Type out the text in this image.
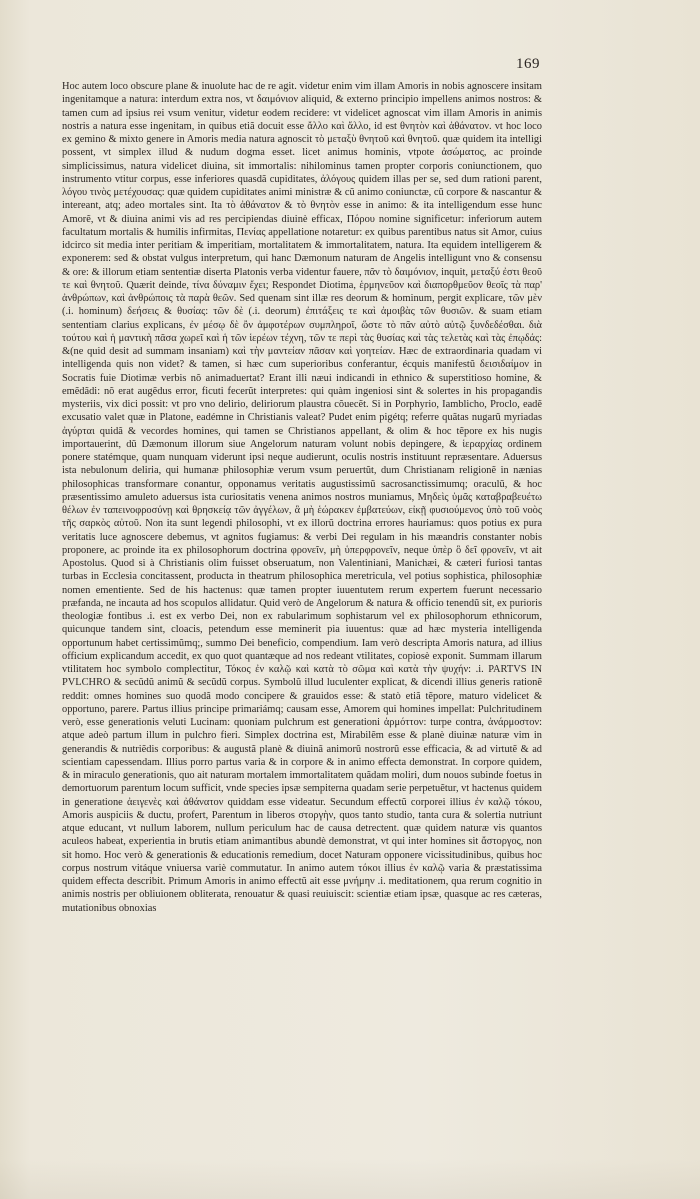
169

Hoc autem loco obscure plane & inuolute hac de re agit. videtur enim vim illam Amoris in nobis agnoscere insitam ingenitamque a natura: interdum extra nos, vt δαιμόνιον aliquid, & externo principio impellens animos nostros: & tamen cum ad ipsius rei vsum venitur, videtur eodem recidere: vt videlicet agnoscat vim illam Amoris in animis nostris a natura esse ingenitam, in quibus etiã docuit esse ἄλλο καὶ ἄλλο, id est θνητὸν καὶ ἀθάνατον. vt hoc loco ex gemino & mixto genere in Amoris media natura agnoscit τὸ μεταξὺ θνητοῦ καὶ θνητοῦ. quæ quidem ita intelligi possent, vt simplex illud & nudum dogma esset. licet animus hominis, vtpote ἀσώματος, ac proinde simplicissimus, natura videlicet diuina, sit immortalis: nihilominus tamen propter corporis coniunctionem, quo instrumento vtitur corpus, esse inferiores quasdã cupiditates, ἀλόγους quidem illas per se, sed dum rationi parent, λόγου τινὸς μετέχουσας: quæ quidem cupiditates animi ministræ & cũ animo coniunctæ, cũ corpore & nascantur & intereant, atq; adeo mortales sint. Ita τὸ ἀθάνατον & τὸ θνητὸν esse in animo: & ita intelligendum esse hunc Amorẽ, vt & diuina animi vis ad res percipiendas diuinè efficax, Πόρου nomine significetur: inferiorum autem facultatum mortalis & humilis infirmitas, Πενίας appellatione notaretur: ex quibus parentibus natus sit Amor, cuius idcirco sit media inter peritiam & imperitiam, mortalitatem & immortalitatem, natura. Ita equidem intelligerem & exponerem: sed & obstat vulgus interpretum, qui hanc Dæmonum naturam de Angelis intelligunt vno & consensu & ore: & illorum etiam sententiæ diserta Platonis verba videntur fauere, πᾶν τὸ δαιμόνιον, inquit, μεταξύ ἐστι θεοῦ τε καὶ θνητοῦ. Quærit deinde, τίνα δύναμιν ἔχει; Respondet Diotima, ἑρμηνεῦον καὶ διαπορθμεῦον θεοῖς τὰ παρ' ἀνθρώπων, καὶ ἀνθρώποις τὰ παρὰ θεῶν. Sed quenam sint illæ res deorum & hominum, pergit explicare, τῶν μὲν (.i. hominum) δεήσεις & θυσίας: τῶν δὲ (.i. deorum) ἐπιτάξεις τε καὶ ἀμοιβὰς τῶν θυσιῶν. & suam etiam sententiam clarius explicans, ἐν μέσῳ δὲ ὂν ἀμφοτέρων συμπληροῖ, ὥστε τὸ πᾶν αὐτὸ αὐτῷ ξυνδεδέσθαι. διὰ τούτου καὶ ἡ μαντικὴ πᾶσα χωρεῖ καὶ ἡ τῶν ἱερέων τέχνη, τῶν τε περὶ τὰς θυσίας καὶ τὰς τελετὰς καὶ τὰς ἐπῳδάς: &(ne quid desit ad summam insaniam) καὶ τὴν μαντείαν πᾶσαν καὶ γοητείαν. Hæc de extraordinaria quadam vi intelligenda quis non videt? & tamen, si hæc cum superioribus conferantur, écquis manifestũ δεισιδαίμον in Socratis fuie Diotimæ verbis nõ animaduertat? Erant illi næui indicandi in ethnico & superstitioso homine, & emẽdãdi: nõ erat augẽdus error, ficuti fecerũt interpretes: qui quàm ingeniosi sint & solertes in his propagandis mysteriis, vix dici possit: vt pro vno delirio, deliriorum plaustra cõuecẽt. Si in Porphyrio, Iamblicho, Proclo, eadẽ excusatio valet quæ in Platone, eadémne in Christianis valeat? Pudet enim pigétq; referre quãtas nugarũ myriadas ἀγύρται quidã & vecordes homines, qui tamen se Christianos appellant, & olim & hoc tẽpore ex his nugis importauerint, dũ Dæmonum illorum siue Angelorum naturam volunt nobis depingere, & ἱεραρχίας ordinem ponere statémque, quam nunquam viderunt ipsi neque audierunt, oculis nostris instituunt repræsentare. Aduersus ista nebulonum deliria, qui humanæ philosophiæ verum vsum peruertũt, dum Christianam religionẽ in nænias philosophicas transformare conantur, opponamus veritatis augustissimũ sacrosanctissimumq; oraculũ, & hoc præsentissimo amuleto aduersus ista curiositatis venena animos nostros muniamus, Μηδεὶς ὑμᾶς καταβραβευέτω θέλων ἐν ταπεινοφροσύνῃ καὶ θρησκείᾳ τῶν ἀγγέλων, ἃ μὴ ἑώρακεν ἐμβατεύων, εἰκῇ φυσιούμενος ὑπὸ τοῦ νοὸς τῆς σαρκὸς αὐτοῦ. Non ita sunt legendi philosophi, vt ex illorũ doctrina errores hauriamus: quos potius ex pura veritatis luce agnoscere debemus, vt agnitos fugiamus: & verbi Dei regulam in his mæandris constanter nobis proponere, ac proinde ita ex philosophorum doctrina φρονεῖν, μὴ ὑπερφρονεῖν, neque ὑπὲρ ὃ δεῖ φρονεῖν, vt ait Apostolus. Quod si à Christianis olim fuisset obseruatum, non Valentiniani, Manichæi, & cæteri furiosi tantas turbas in Ecclesia concitassent, producta in theatrum philosophica meretricula, vel potius sophistica, philosophiæ nomen ementiente. Sed de his hactenus: quæ tamen propter iuuentutem rerum expertem fuerunt necessario præfanda, ne incauta ad hos scopulos allidatur. Quid verò de Angelorum & natura & officio tenendũ sit, ex purioris theologiæ fontibus .i. est ex verbo Dei, non ex rabularimum sophistarum vel ex philosophorum ethnicorum, quicunque tandem sint, cloacis, petendum esse meminerit pia iuuentus: quæ ad hæc mysteria intelligenda opportunum habet certissimũmq;, summo Dei beneficio, compendium. Iam verò descripta Amoris natura, ad illius officium explicandum accedit, ex quo quot quantæque ad nos redeant vtilitates, copiosè exponit. Summam illarum vtilitatem hoc symbolo complectitur, Τόκος ἐν καλῷ καὶ κατὰ τὸ σῶμα καὶ κατὰ τὴν ψυχήν: .i. PARTVS IN PVLCHRO & secũdũ animũ & secũdũ corpus. Symbolũ illud luculenter explicat, & dicendi illius generis rationẽ reddit: omnes homines suo quodã modo concipere & grauidos esse: & statò etiã tẽpore, maturo videlicet & opportuno, parere. Partus illius principe primariámq; causam esse, Amorem qui homines impellat: Pulchritudinem verò, esse generationis veluti Lucinam: quoniam pulchrum est generationi ἁρμόττον: turpe contra, ἀνάρμοστον: atque adeò partum illum in pulchro fieri. Simplex doctrina est, Mirabilẽm esse & planè diuinæ naturæ vim in generandis & nutriẽdis corporibus: & augustã planè & diuinã animorũ nostrorũ esse efficacia, & ad virtutẽ & ad scientiam capessendam. Illius porro partus varia & in corpore & in animo effecta demonstrat. In corpore quidem, & in miraculo generationis, quo ait naturam mortalem immortalitatem quãdam moliri, dum nouos subinde foetus in demortuorum parentum locum sufficit, vnde species ipsæ sempiterna quadam serie perpetuẽtur, vt hactenus quidem in generatione ἀειγενὲς καὶ ἀθάνατον quiddam esse videatur. Secundum effectũ corporei illius ἐν καλῷ τόκου, Amoris auspiciis & ductu, profert, Parentum in liberos στοργὴν, quos tanto studio, tanta cura & solertia nutriunt atque educant, vt nullum laborem, nullum periculum hac de causa detrectent. quæ quidem naturæ vis quantos aculeos habeat, experientia in brutis etiam animantibus abundè demonstrat, vt qui inter homines sit ἄστοργος, non sit homo. Hoc verò & generationis & educationis remedium, docet Naturam opponere vicissitudinibus, quibus hoc corpus nostrum vitáque vniuersa variè commutatur. In animo autem τόκοι illius ἐν καλῷ varia & præstatissima quidem effecta describit. Primum Amoris in animo effectũ ait esse μνήμην .i. meditationem, qua rerum cognitio in animis nostris per obliuionem obliterata, renouatur & quasi reuiuiscit: scientiæ etiam ipsæ, quasque ac res cæteras, mutationibus obnoxias
